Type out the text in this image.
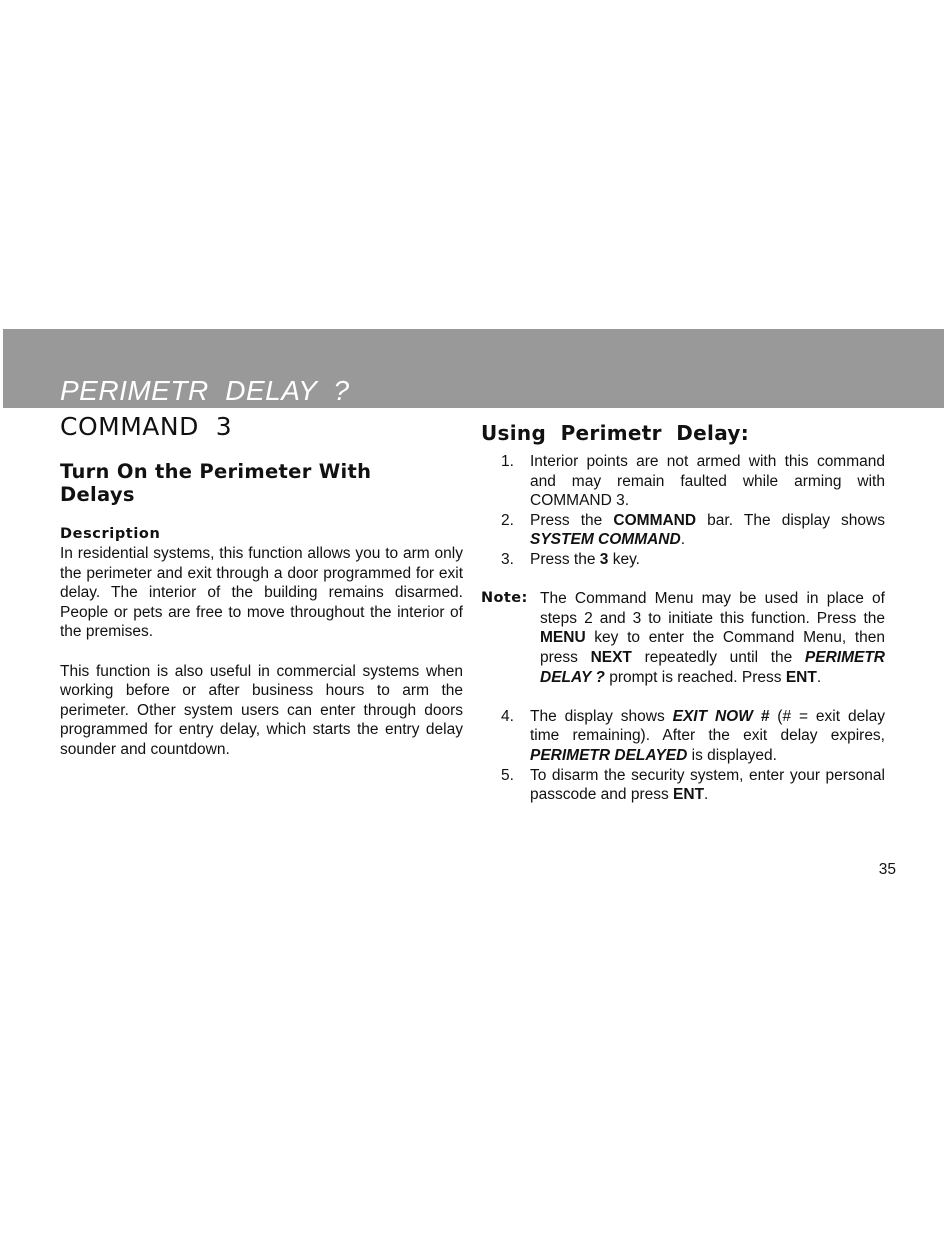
PERIMETR  DELAY  ?
COMMAND  3
Turn On the Perimeter With Delays
Description

In residential systems, this function allows you to arm only the perimeter and exit through a door programmed for exit delay. The interior of the building remains disarmed. People or pets are free to move throughout the interior of the premises.

This function is also useful in commercial systems when working before or after business hours to arm the perimeter. Other system users can enter through doors programmed for entry delay, which starts the entry delay sounder and countdown.

Using  Perimetr  Delay:
1. Interior points are not armed with this command and may remain faulted while arming with COMMAND 3.
2. Press the COMMAND bar. The display shows SYSTEM COMMAND.
3. Press the 3 key.
Note: The Command Menu may be used in place of steps 2 and 3 to initiate this function. Press the MENU key to enter the Command Menu, then press NEXT repeatedly until the PERIMETR DELAY ? prompt is reached. Press ENT.
4. The display shows EXIT NOW # (# = exit delay time remaining). After the exit delay expires, PERIMETR DELAYED is displayed.
5. To disarm the security system, enter your personal passcode and press ENT.
35
